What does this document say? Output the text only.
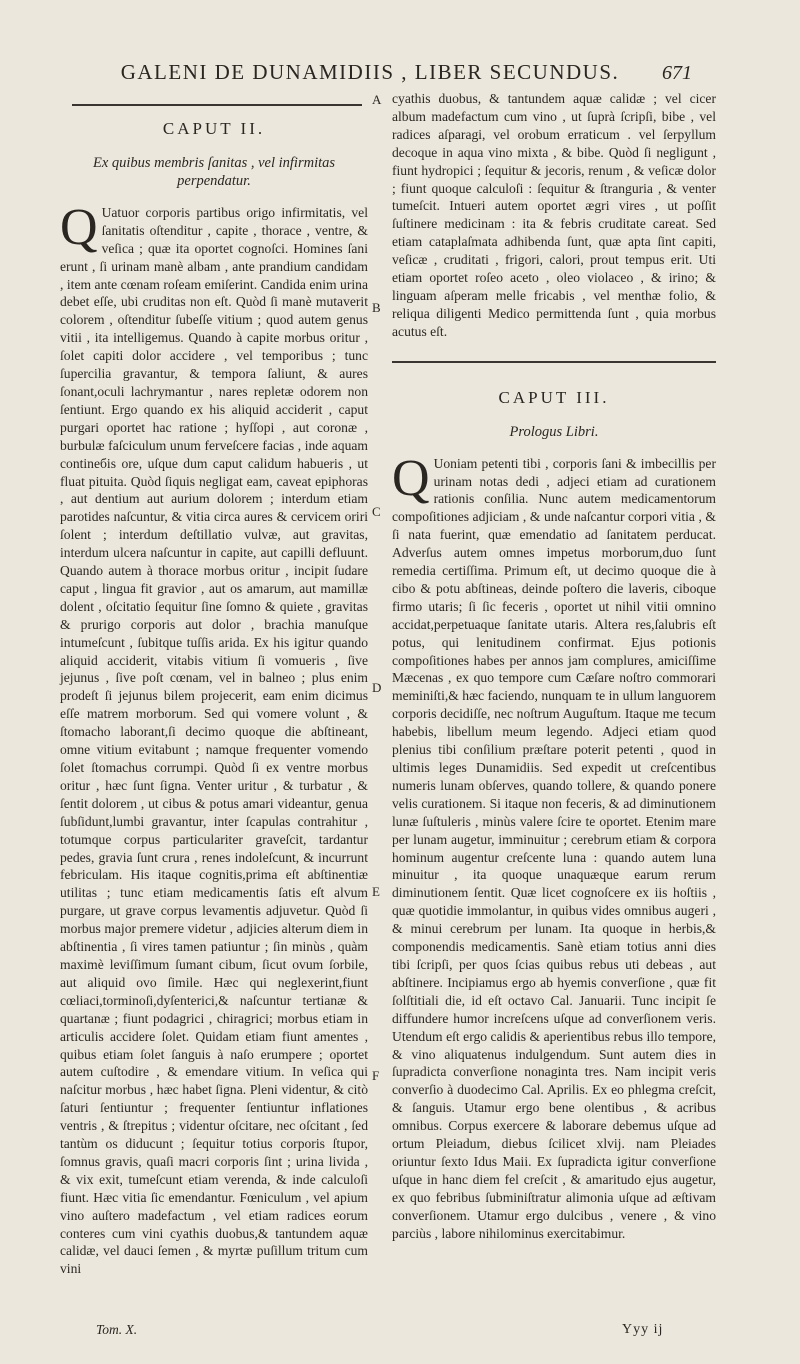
GALENI DE DUNAMIDIIS , LIBER SECUNDUS.	671
CAPUT II.
Ex quibus membris ſanitas , vel infirmitas perpendatur.

Q Uatuor corporis partibus origo infirmitatis, vel ſanitatis oſtenditur , capite , thorace , ventre, & veſica ; quæ ita oportet cognoſci. Homines ſani erunt , ſi urinam manè albam , ante prandium candidam , item ante cœnam roſeam emiſerint. Candida enim urina debet eſſe, ubi cruditas non eſt. Quòd ſi manè mutaverit colorem , oſtenditur ſubeſſe vitium ; quod autem genus vitii , ita intelligemus. Quando à capite morbus oritur , ſolet capiti dolor accidere , vel temporibus ; tunc ſupercilia gravantur, & tempora ſaliunt, & aures ſonant,oculi lachrymantur , nares repletæ odorem non ſentiunt. Ergo quando ex his aliquid acciderit , caput purgari oportet hac ratione ; hyſſopi , aut coronæ , burbulæ faſciculum unum ferveſcere facias , inde aquam contineбis ore, uſque dum caput calidum habueris , ut fluat pituita. Quòd ſiquis negligat eam, caveat epiphoras , aut dentium aut aurium dolorem ; interdum etiam parotides naſcuntur, & vitia circa aures & cervicem oriri ſolent ; interdum deſtillatio vulvæ, aut gravitas, interdum ulcera naſcuntur in capite, aut capilli defluunt. Quando autem à thorace morbus oritur , incipit ſudare caput , lingua fit gravior , aut os amarum, aut mamillæ dolent , oſcitatio ſequitur ſine ſomno & quiete , gravitas & prurigo corporis aut dolor , brachia manuſque intumeſcunt , ſubitque tuſſis arida. Ex his igitur quando aliquid acciderit, vitabis vitium ſi vomueris , ſive jejunus , ſive poſt cœnam, vel in balneo ; plus enim prodeſt ſi jejunus bilem projecerit, eam enim dicimus eſſe matrem morborum. Sed qui vomere volunt , & ſtomacho laborant,ſi decimo quoque die abſtineant, omne vitium evitabunt ; namque frequenter vomendo ſolet ſtomachus corrumpi. Quòd ſi ex ventre morbus oritur , hæc ſunt ſigna. Venter uritur , & turbatur , & ſentit dolorem , ut cibus & potus amari videantur, genua ſubſidunt,lumbi gravantur, inter ſcapulas contrahitur , totumque corpus particulariter graveſcit, tardantur pedes, gravia ſunt crura , renes indoleſcunt, & incurrunt febriculam. His itaque cognitis,prima eſt abſtinentiæ utilitas ; tunc etiam medicamentis ſatis eſt alvum purgare, ut grave corpus levamentis adjuvetur. Quòd ſi morbus major premere videtur , adjicies alterum diem in abſtinentia , ſi vires tamen patiuntur ; ſin minùs , quàm maximè leviſſimum ſumant cibum, ſicut ovum ſorbile, aut aliquid ovo ſimile. Hæc qui neglexerint,fiunt cœliaci,torminoſi,dyſenterici,& naſcuntur tertianæ & quartanæ ; fiunt podagrici , chiragrici; morbus etiam in articulis accidere ſolet. Quidam etiam fiunt amentes , quibus etiam ſolet ſanguis à naſo erumpere ; oportet autem cuſtodire , & emendare vitium. In veſica qui naſcitur morbus , hæc habet ſigna. Pleni videntur, & citò ſaturi ſentiuntur ; frequenter ſentiuntur inflationes ventris , & ſtrepitus ; videntur oſcitare, nec oſcitant , ſed tantùm os diducunt ; ſequitur totius corporis ſtupor, ſomnus gravis, quaſi macri corporis ſint ; urina livida , & vix exit, tumeſcunt etiam verenda, & inde calculoſi fiunt. Hæc vitia ſic emendantur. Fœniculum , vel apium vino auſtero madefactum , vel etiam radices eorum conteres cum vini cyathis duobus,& tantundem aquæ calidæ, vel dauci ſemen , & myrtæ puſillum tritum cum vini

cyathis duobus, & tantundem aquæ calidæ ; vel cicer album madefactum cum vino , ut ſuprà ſcripſi, bibe , vel radices aſparagi, vel orobum erraticum . vel ſerpyllum decoque in aqua vino mixta , & bibe. Quòd ſi negligunt , fiunt hydropici ; ſequitur & jecoris, renum , & veſicæ dolor ; fiunt quoque calculoſi : ſequitur & ſtranguria , & venter tumeſcit. Intueri autem oportet ægri vires , ut poſſit ſuſtinere medicinam : ita & febris cruditate careat. Sed etiam cataplaſmata adhibenda ſunt, quæ apta ſint capiti, veſicæ , cruditati , frigori, calori, prout tempus erit. Uti etiam oportet roſeo aceto , oleo violaceo , & irino; & linguam aſperam melle fricabis , vel menthæ folio, & reliqua diligenti Medico permittenda ſunt , quia morbus acutus eſt.

CAPUT III.
Prologus Libri.

Q Uoniam petenti tibi , corporis ſani & imbecillis per urinam notas dedi , adjeci etiam ad curationem rationis conſilia. Nunc autem medicamentorum compoſitiones adjiciam , & unde naſcantur corpori vitia , & ſi nata fuerint, quæ emendatio ad ſanitatem perducat. Adverſus autem omnes impetus morborum,duo ſunt remedia certiſſima. Primum eſt, ut decimo quoque die à cibo & potu abſtineas, deinde poſtero die laveris, ciboque firmo utaris; ſi ſic feceris , oportet ut nihil vitii omnino accidat,perpetuaque ſanitate utaris. Altera res,ſalubris eſt potus, qui lenitudinem confirmat. Ejus potionis compoſitiones habes per annos jam complures, amiciſſime Mæcenas , ex quo tempore cum Cæſare noſtro commorari meminiſti,& hæc faciendo, nunquam te in ullum languorem corporis decidiſſe, nec noſtrum Auguſtum. Itaque me tecum habebis, libellum meum legendo. Adjeci etiam quod plenius tibi conſilium præſtare poterit petenti , quod in ultimis leges Dunamidiis. Sed expedit ut creſcentibus numeris lunam obſerves, quando tollere, & quando ponere velis curationem. Si itaque non feceris, & ad diminutionem lunæ ſuſtuleris , minùs valere ſcire te oportet. Etenim mare per lunam augetur, imminuitur ; cerebrum etiam & corpora hominum augentur creſcente luna : quando autem luna minuitur , ita quoque unaquæque earum rerum diminutionem ſentit. Quæ licet cognoſcere ex iis hoſtiis , quæ quotidie immolantur, in quibus vides omnibus augeri , & minui cerebrum per lunam. Ita quoque in herbis,& componendis medicamentis. Sanè etiam totius anni dies tibi ſcripſi, per quos ſcias quibus rebus uti debeas , aut abſtinere. Incipiamus ergo ab hyemis converſione , quæ fit ſolſtitiali die, id eſt octavo Cal. Januarii. Tunc incipit ſe diffundere humor increſcens uſque ad converſionem veris. Utendum eſt ergo calidis & aperientibus rebus illo tempore, & vino aliquatenus indulgendum. Sunt autem dies in ſupradicta converſione nonaginta tres. Nam incipit veris converſio à duodecimo Cal. Aprilis. Ex eo phlegma creſcit, & ſanguis. Utamur ergo bene olentibus , & acribus omnibus. Corpus exercere & laborare debemus uſque ad ortum Pleiadum, diebus ſcilicet xlvij. nam Pleiades oriuntur ſexto Idus Maii. Ex ſupradicta igitur converſione uſque in hanc diem fel creſcit , & amaritudo ejus augetur, ex quo febribus ſubminiſtratur alimonia uſque ad æſtivam converſionem. Utamur ergo dulcibus , venere , & vino parciùs , labore nihilominus exercitabimur.

A
B
C
D
E
F
Tom. X.	Yyy ij
